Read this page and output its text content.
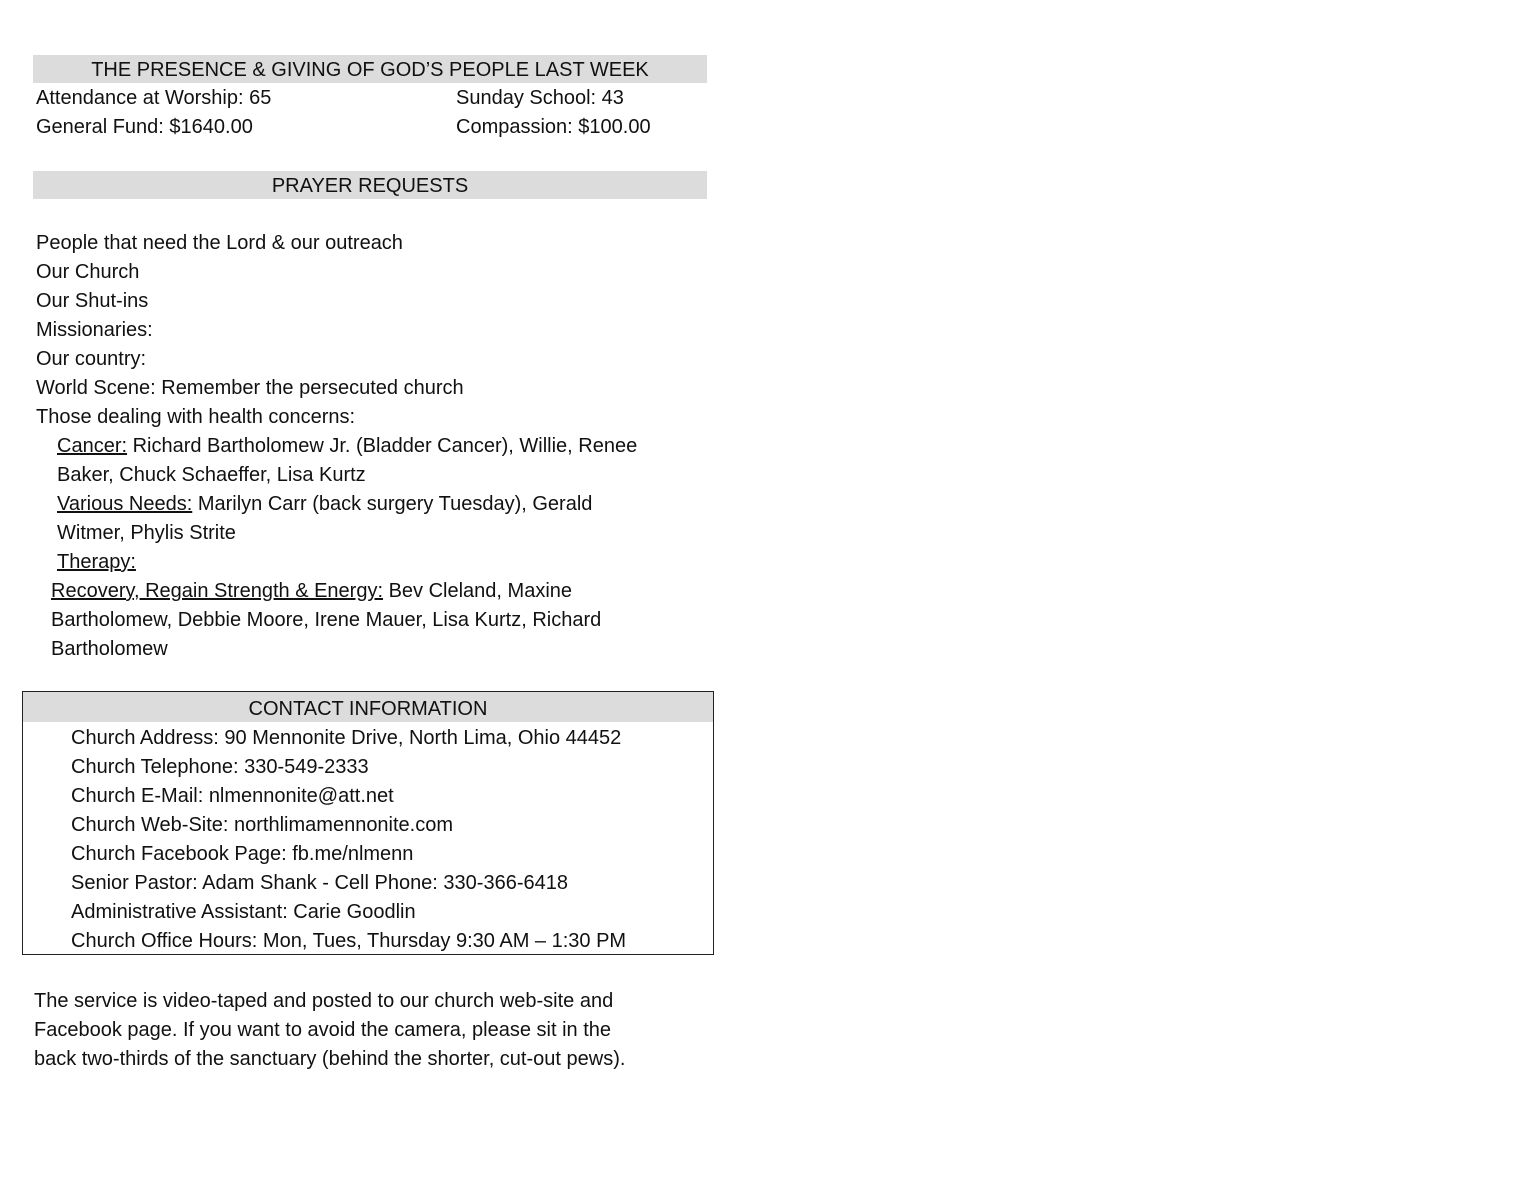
THE PRESENCE & GIVING OF GOD’S PEOPLE LAST WEEK
Attendance at Worship: 65	Sunday School: 43
General Fund: $1640.00	Compassion: $100.00
PRAYER REQUESTS
People that need the Lord & our outreach
Our Church
Our Shut-ins
Missionaries:
Our country:
World Scene: Remember the persecuted church
Those dealing with health concerns:
Cancer: Richard Bartholomew Jr. (Bladder Cancer), Willie, Renee
Baker, Chuck Schaeffer, Lisa Kurtz
Various Needs: Marilyn Carr (back surgery Tuesday), Gerald
Witmer, Phylis Strite
Therapy:
Recovery, Regain Strength & Energy: Bev Cleland, Maxine
Bartholomew, Debbie Moore, Irene Mauer, Lisa Kurtz, Richard
Bartholomew
CONTACT INFORMATION
Church Address: 90 Mennonite Drive, North Lima, Ohio 44452
Church Telephone: 330-549-2333
Church E-Mail: nlmennonite@att.net
Church Web-Site: northlimamennonite.com
Church Facebook Page: fb.me/nlmenn
Senior Pastor: Adam Shank - Cell Phone: 330-366-6418
Administrative Assistant: Carie Goodlin
Church Office Hours: Mon, Tues, Thursday 9:30 AM – 1:30 PM
The service is video-taped and posted to our church web-site and
Facebook page. If you want to avoid the camera, please sit in the
back two-thirds of the sanctuary (behind the shorter, cut-out pews).
